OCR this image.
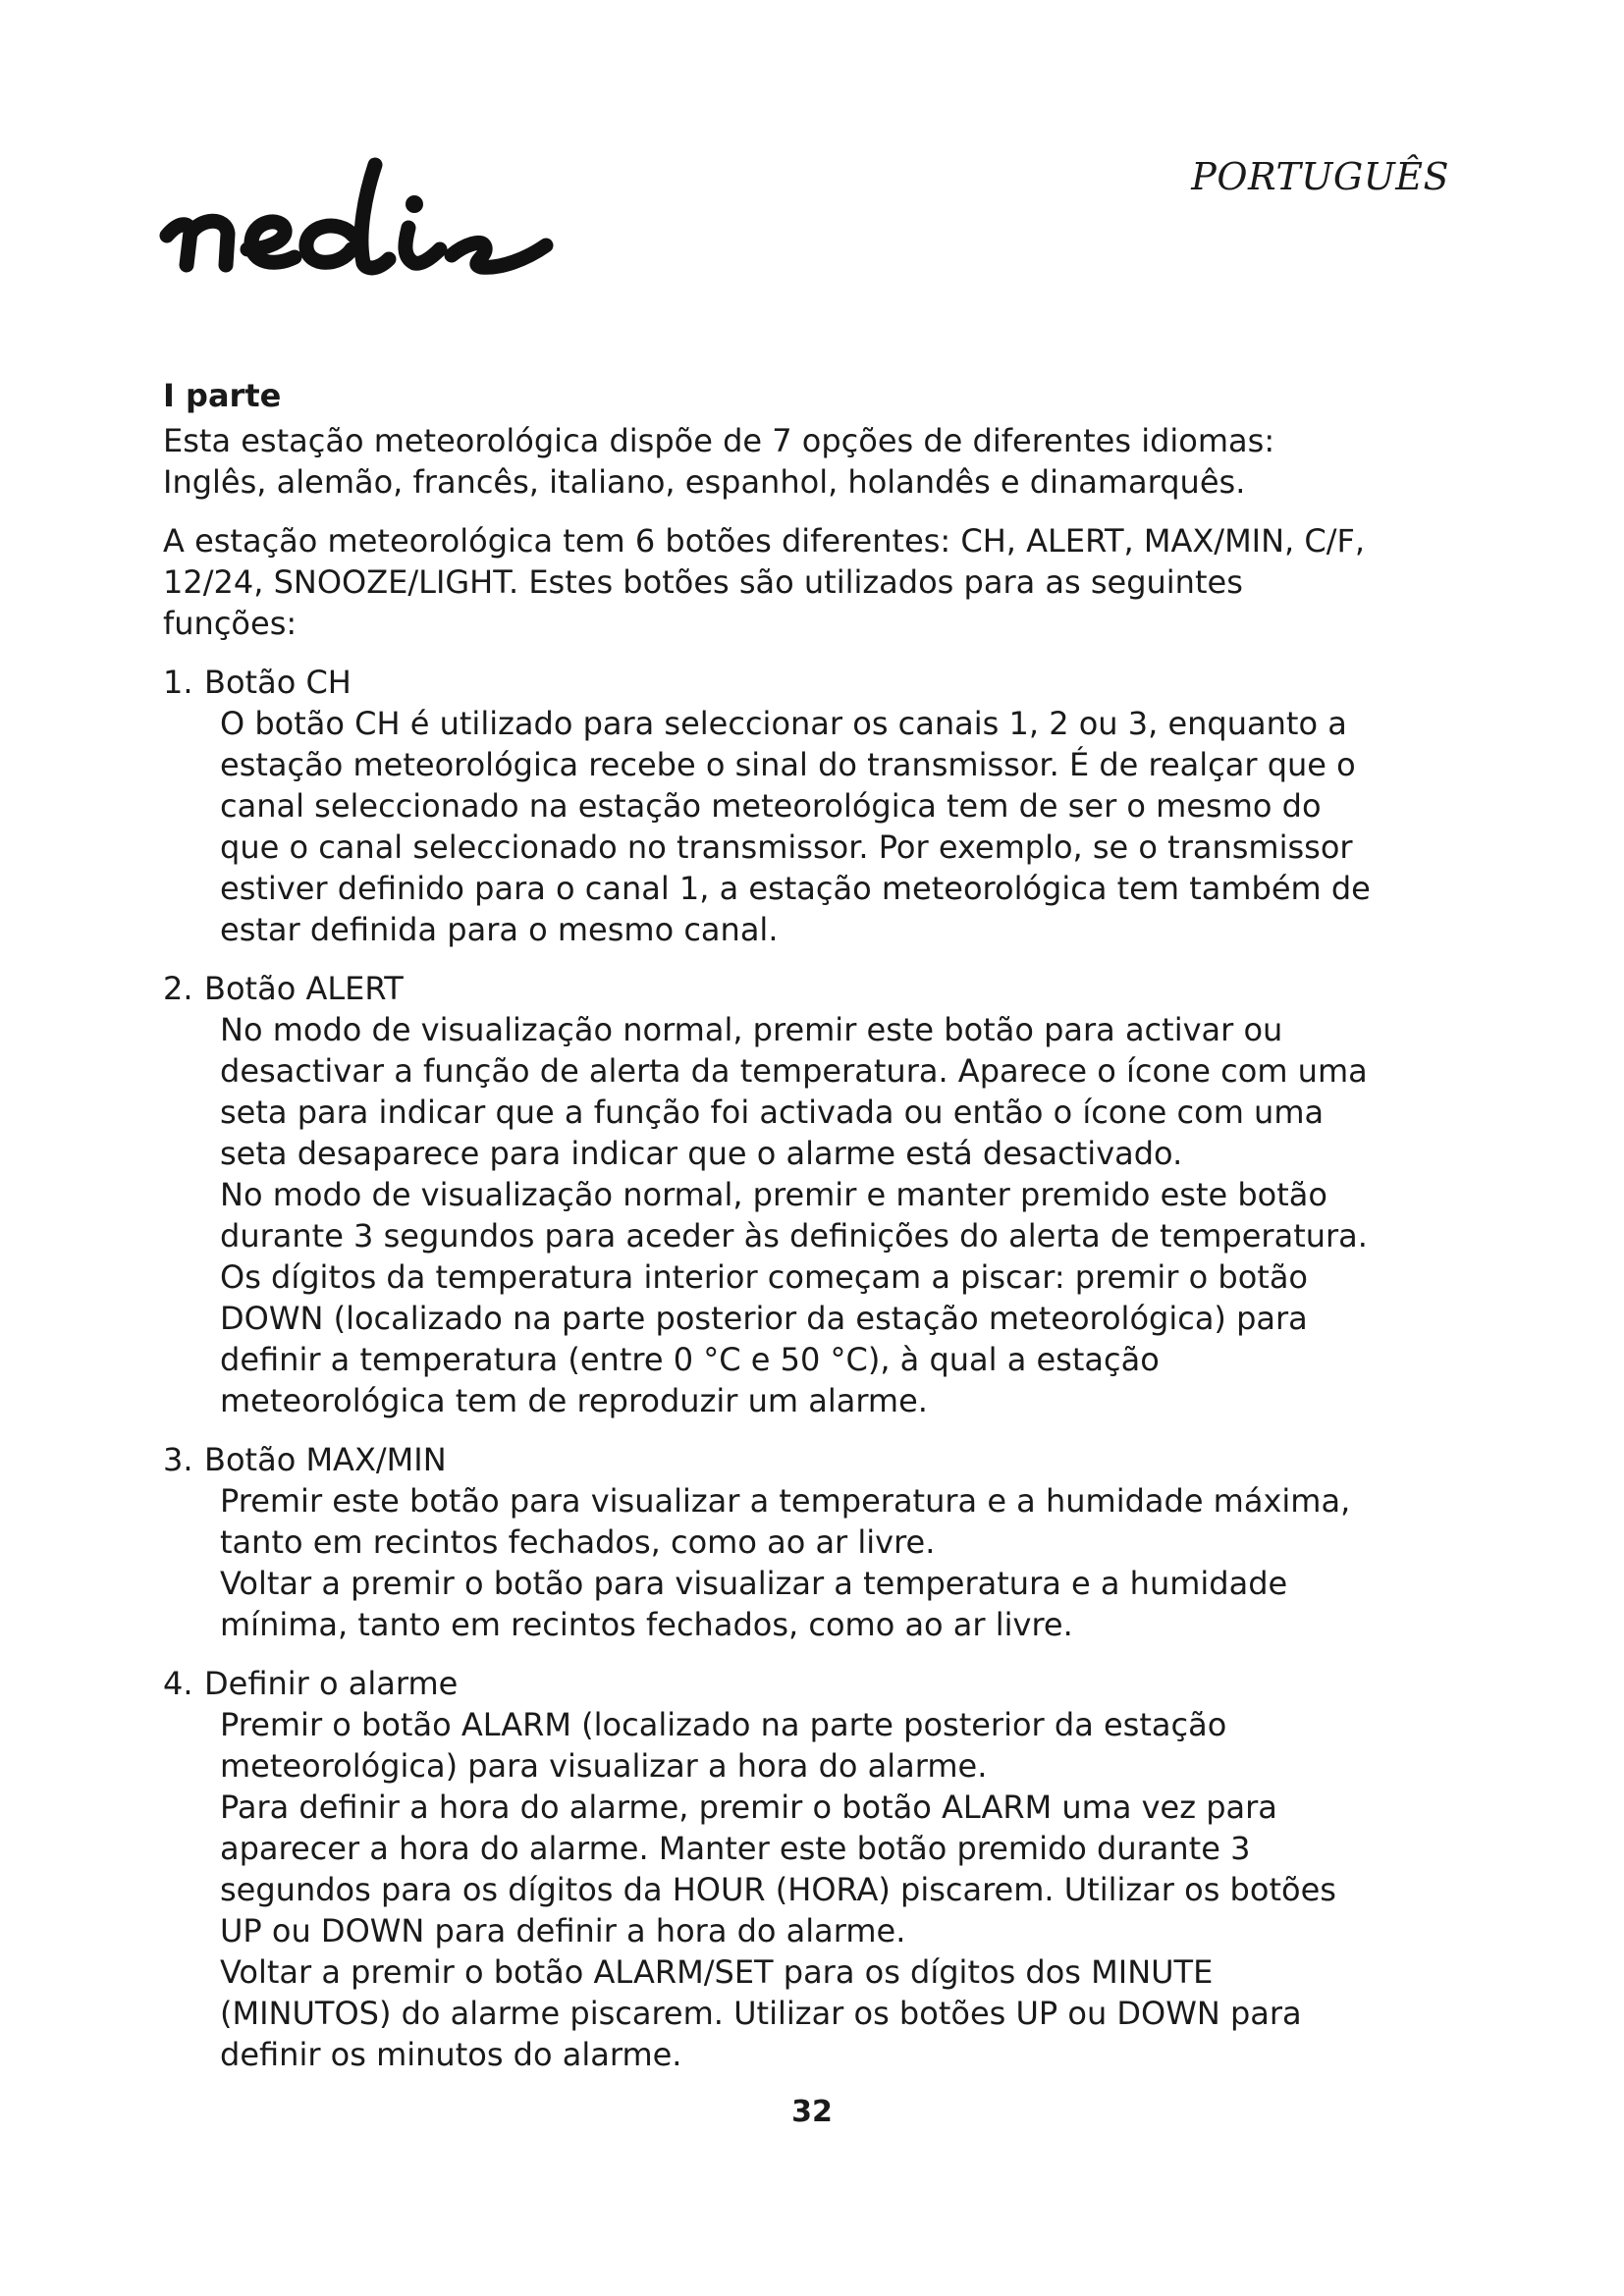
PORTUGUÊS
I parte

Esta estação meteorológica dispõe de 7 opções de diferentes idiomas: Inglês, alemão, francês, italiano, espanhol, holandês e dinamarquês.

A estação meteorológica tem 6 botões diferentes: CH, ALERT, MAX/MIN, C/F, 12/24, SNOOZE/LIGHT. Estes botões são utilizados para as seguintes funções:

1. Botão CH

O botão CH é utilizado para seleccionar os canais 1, 2 ou 3, enquanto a estação meteorológica recebe o sinal do transmissor. É de realçar que o canal seleccionado na estação meteorológica tem de ser o mesmo do que o canal seleccionado no transmissor. Por exemplo, se o transmissor estiver definido para o canal 1, a estação meteorológica tem também de estar definida para o mesmo canal.

2. Botão ALERT

No modo de visualização normal, premir este botão para activar ou desactivar a função de alerta da temperatura. Aparece o ícone com uma seta para indicar que a função foi activada ou então o ícone com uma seta desaparece para indicar que o alarme está desactivado.

No modo de visualização normal, premir e manter premido este botão durante 3 segundos para aceder às definições do alerta de temperatura. Os dígitos da temperatura interior começam a piscar: premir o botão DOWN (localizado na parte posterior da estação meteorológica) para definir a temperatura (entre 0 °C e 50 °C), à qual a estação meteorológica tem de reproduzir um alarme.

3. Botão MAX/MIN

Premir este botão para visualizar a temperatura e a humidade máxima, tanto em recintos fechados, como ao ar livre.

Voltar a premir o botão para visualizar a temperatura e a humidade mínima, tanto em recintos fechados, como ao ar livre.

4. Definir o alarme

Premir o botão ALARM (localizado na parte posterior da estação meteorológica) para visualizar a hora do alarme.

Para definir a hora do alarme, premir o botão ALARM uma vez para aparecer a hora do alarme. Manter este botão premido durante 3 segundos para os dígitos da HOUR (HORA) piscarem. Utilizar os botões UP ou DOWN para definir a hora do alarme.

Voltar a premir o botão ALARM/SET para os dígitos dos MINUTE (MINUTOS) do alarme piscarem. Utilizar os botões UP ou DOWN para definir os minutos do alarme.

32
